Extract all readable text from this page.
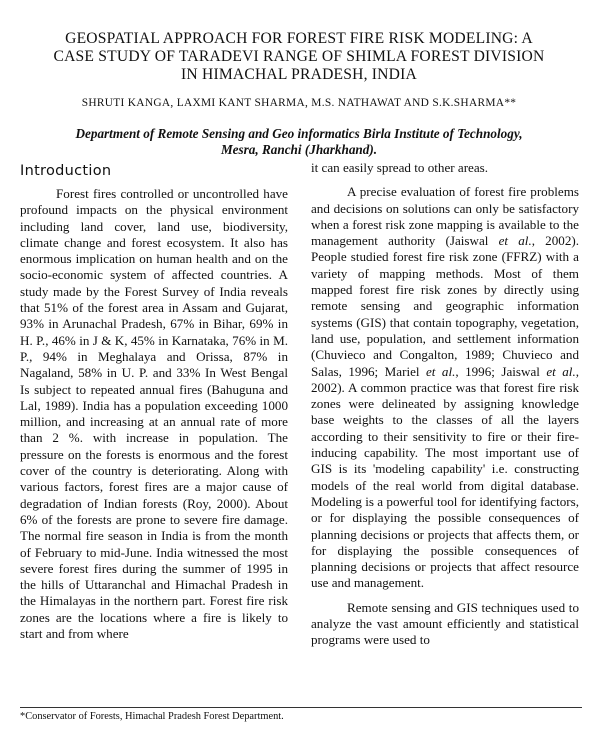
GEOSPATIAL APPROACH FOR FOREST FIRE RISK MODELING: A
CASE STUDY OF TARADEVI RANGE OF SHIMLA FOREST DIVISION
IN HIMACHAL PRADESH, INDIA
SHRUTI KANGA, LAXMI KANT SHARMA, M.S. NATHAWAT AND S.K.SHARMA**
Department of Remote Sensing and Geo informatics Birla Institute of Technology,
Mesra, Ranchi (Jharkhand).
Introduction

Forest fires controlled or uncontrolled have profound impacts on the physical environment including land cover, land use, biodiversity, climate change and forest ecosystem. It also has enormous implication on human health and on the socio-economic system of affected countries. A study made by the Forest Survey of India reveals that 51% of the forest area in Assam and Gujarat, 93% in Arunachal Pradesh, 67% in Bihar, 69% in H. P., 46% in J & K, 45% in Karnataka, 76% in M. P., 94% in Meghalaya and Orissa, 87% in Nagaland, 58% in U. P. and 33% In West Bengal Is subject to repeated annual fires (Bahuguna and Lal, 1989). India has a population exceeding 1000 million, and increasing at an annual rate of more than 2 %. with increase in population. The pressure on the forests is enormous and the forest cover of the country is deteriorating. Along with various factors, forest fires are a major cause of degradation of Indian forests (Roy, 2000). About 6% of the forests are prone to severe fire damage. The normal fire season in India is from the month of February to mid-June. India witnessed the most severe forest fires during the summer of 1995 in the hills of Uttaranchal and Himachal Pradesh in the Himalayas in the northern part. Forest fire risk zones are the locations where a fire is likely to start and from where

it can easily spread to other areas.

A precise evaluation of forest fire problems and decisions on solutions can only be satisfactory when a forest risk zone mapping is available to the management authority (Jaiswal et al., 2002). People studied forest fire risk zone (FFRZ) with a variety of mapping methods. Most of them mapped forest fire risk zones by directly using remote sensing and geographic information systems (GIS) that contain topography, vegetation, land use, population, and settlement information (Chuvieco and Congalton, 1989; Chuvieco and Salas, 1996; Mariel et al., 1996; Jaiswal et al., 2002). A common practice was that forest fire risk zones were delineated by assigning knowledge base weights to the classes of all the layers according to their sensitivity to fire or their fire-inducing capability. The most important use of GIS is its 'modeling capability' i.e. constructing models of the real world from digital database. Modeling is a powerful tool for identifying factors, or for displaying the possible consequences of planning decisions or projects that affects them, or for displaying the possible consequences of planning decisions or projects that affect resource use and management.

Remote sensing and GIS techniques used to analyze the vast amount efficiently and statistical programs were used to

*Conservator of Forests, Himachal Pradesh Forest Department.
